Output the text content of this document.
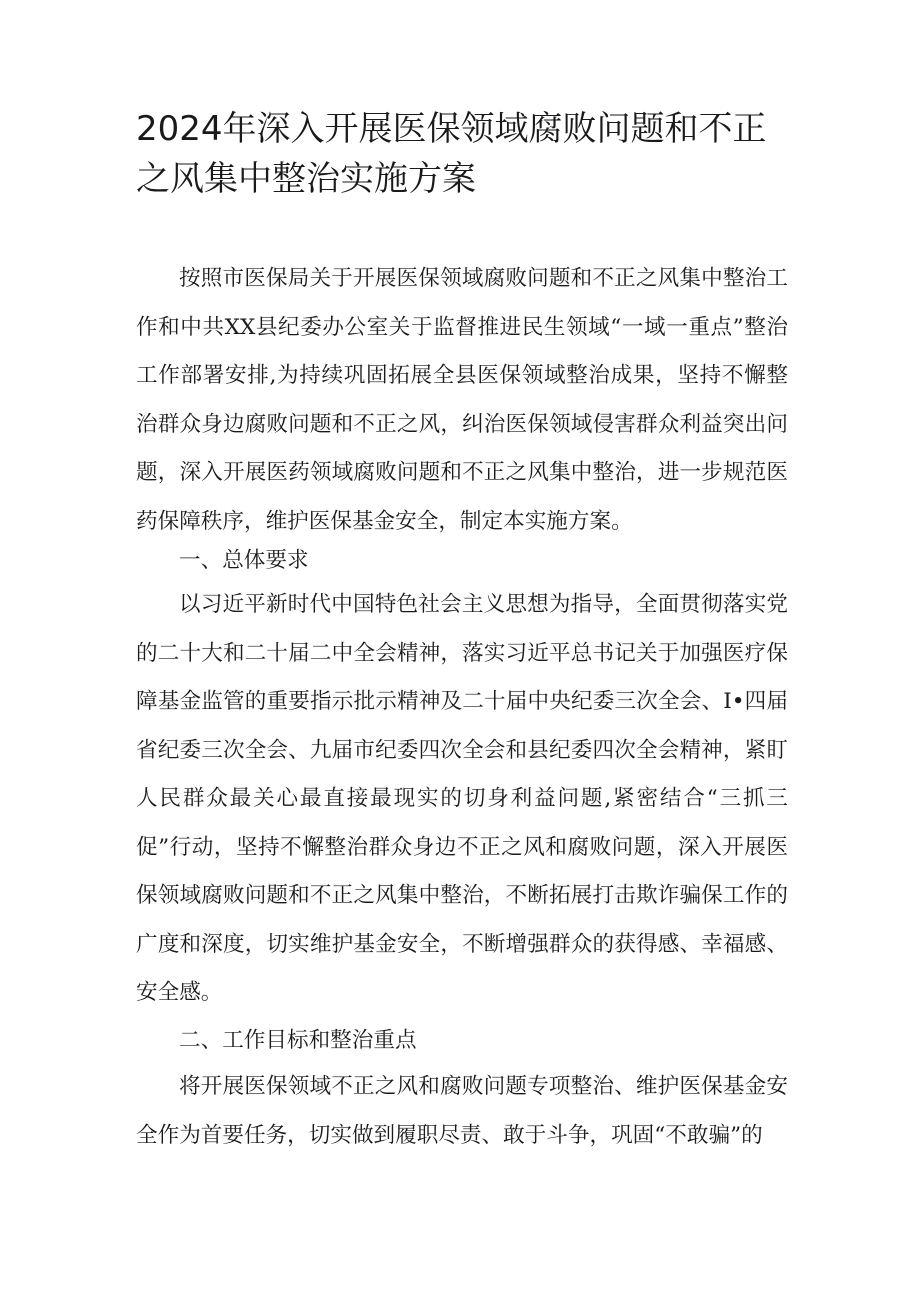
2024年深入开展医保领域腐败问题和不正之风集中整治实施方案

按照市医保局关于开展医保领域腐败问题和不正之风集中整治工作和中共XX县纪委办公室关于监督推进民生领域“一域一重点”整治工作部署安排,为持续巩固拓展全县医保领域整治成果，坚持不懈整治群众身边腐败问题和不正之风，纠治医保领域侵害群众利益突出问题，深入开展医药领域腐败问题和不正之风集中整治，进一步规范医药保障秩序，维护医保基金安全，制定本实施方案。

一、总体要求

以习近平新时代中国特色社会主义思想为指导，全面贯彻落实党的二十大和二十届二中全会精神，落实习近平总书记关于加强医疗保障基金监管的重要指示批示精神及二十届中央纪委三次全会、I•四届省纪委三次全会、九届市纪委四次全会和县纪委四次全会精神，紧盯人民群众最关心最直接最现实的切身利益问题,紧密结合“三抓三促”行动，坚持不懈整治群众身边不正之风和腐败问题，深入开展医保领域腐败问题和不正之风集中整治，不断拓展打击欺诈骗保工作的广度和深度，切实维护基金安全，不断增强群众的获得感、幸福感、安全感。

二、工作目标和整治重点

将开展医保领域不正之风和腐败问题专项整治、维护医保基金安全作为首要任务，切实做到履职尽责、敢于斗争，巩固“不敢骗”的
